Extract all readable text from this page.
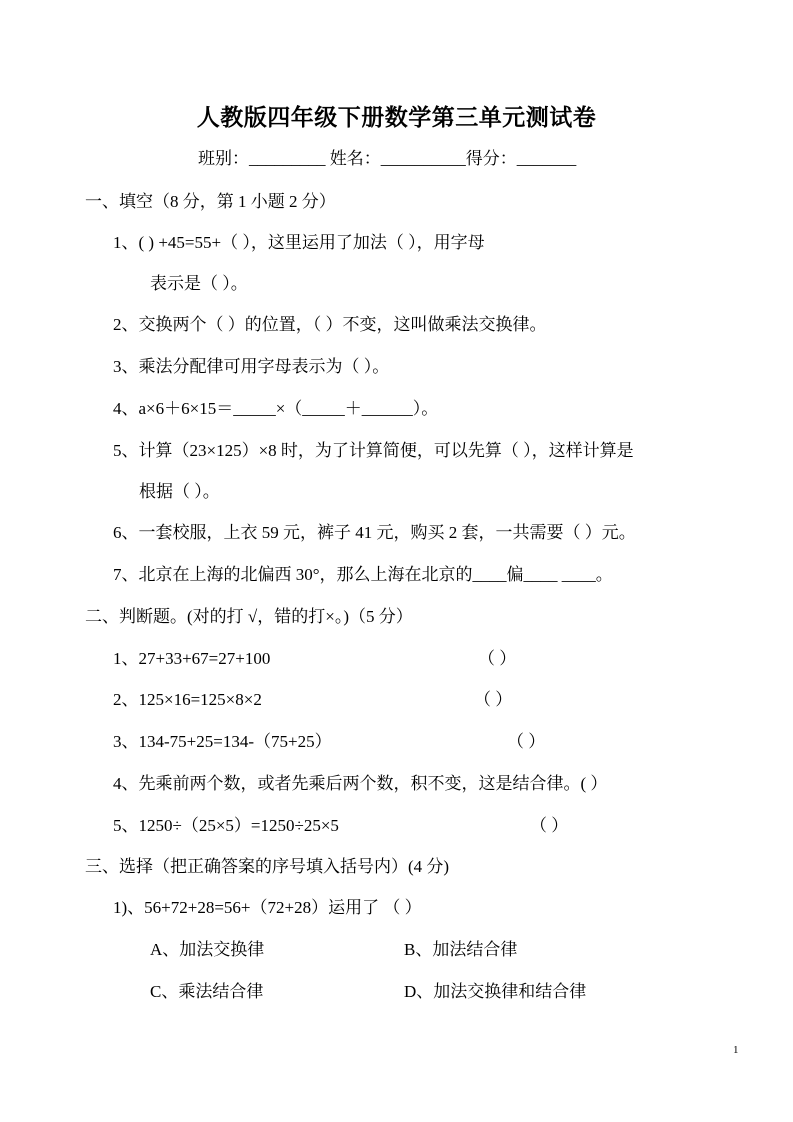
人教版四年级下册数学第三单元测试卷
班别：_________ 姓名：__________得分：_______
一、填空（8 分，第 1 小题 2 分）
1、( ) +45=55+（ ），这里运用了加法（ ），用字母
表示是（ ）。
2、交换两个（ ）的位置，（ ）不变，这叫做乘法交换律。
3、乘法分配律可用字母表示为（ ）。
4、a×6＋6×15＝_____×（_____＋______）。
5、计算（23×125）×8 时，为了计算简便，可以先算（ ），这样计算是
根据（ ）。
6、一套校服，上衣 59 元，裤子 41 元，购买 2 套，一共需要（ ）元。
7、北京在上海的北偏西 30°，那么上海在北京的____偏____ ____。
二、判断题。(对的打 √，错的打×。)（5 分）
1、27+33+67=27+100	（ ）
2、125×16=125×8×2	（ ）
3、134-75+25=134-（75+25）	（ ）
4、先乘前两个数，或者先乘后两个数，积不变，这是结合律。( ）
5、1250÷（25×5）=1250÷25×5	（ ）
三、选择（把正确答案的序号填入括号内）(4 分)
1)、56+72+28=56+（72+28）运用了 （ ）
A、加法交换律	B、加法结合律
C、乘法结合律	D、加法交换律和结合律
1
